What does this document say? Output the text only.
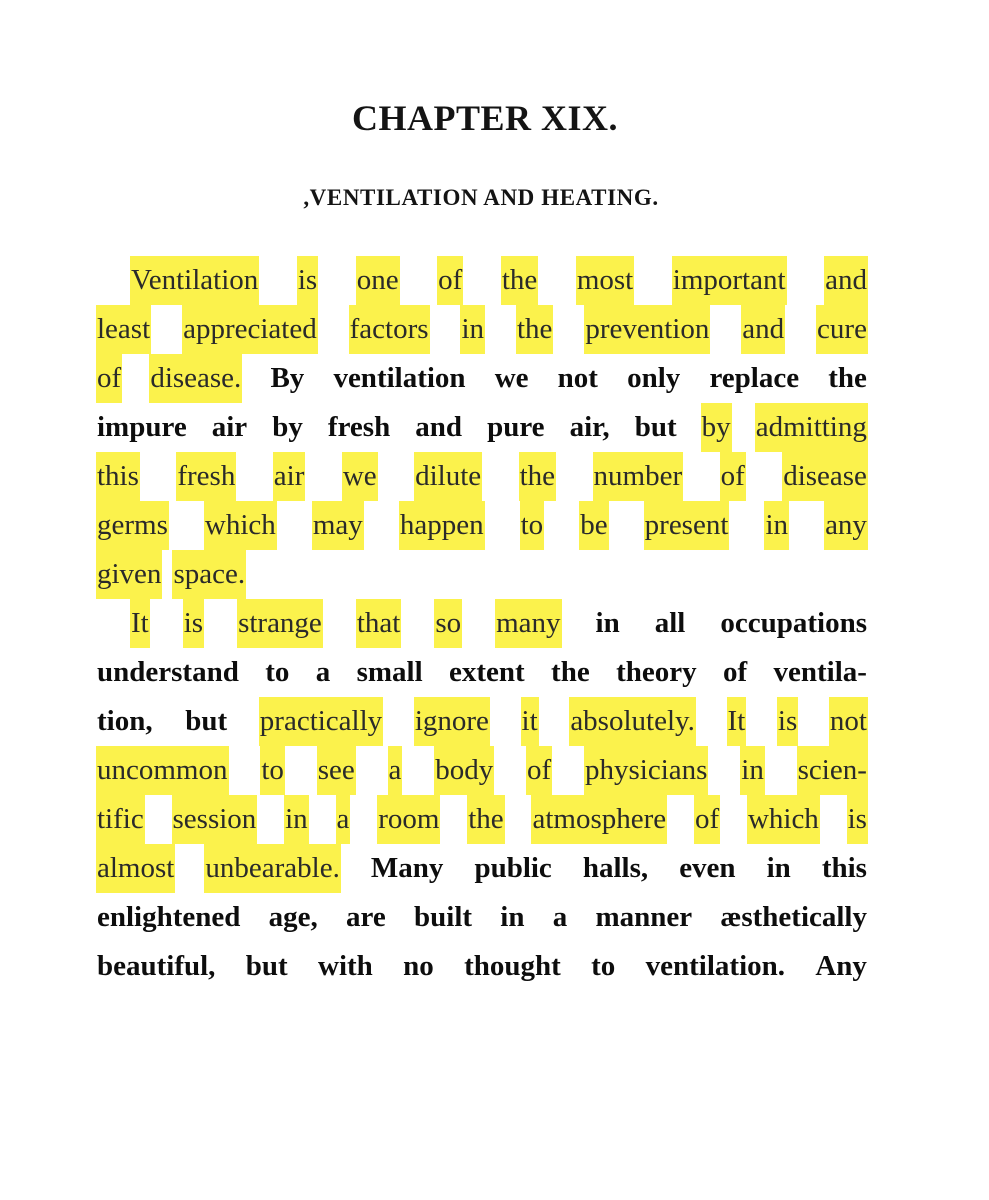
CHAPTER XIX.
,VENTILATION AND HEATING.
Ventilation is one of the most important and
least appreciated factors in the prevention and cure
of disease. By ventilation we not only replace the
impure air by fresh and pure air, but by admitting
this fresh air we dilute the number of disease
germs which may happen to be present in any
given space.
It is strange that so many in all occupations
understand to a small extent the theory of ventila-
tion, but practically ignore it absolutely. It is not
uncommon to see a body of physicians in scien-
tific session in a room the atmosphere of which is
almost unbearable. Many public halls, even in this
enlightened age, are built in a manner æsthetically
beautiful, but with no thought to ventilation. Any
